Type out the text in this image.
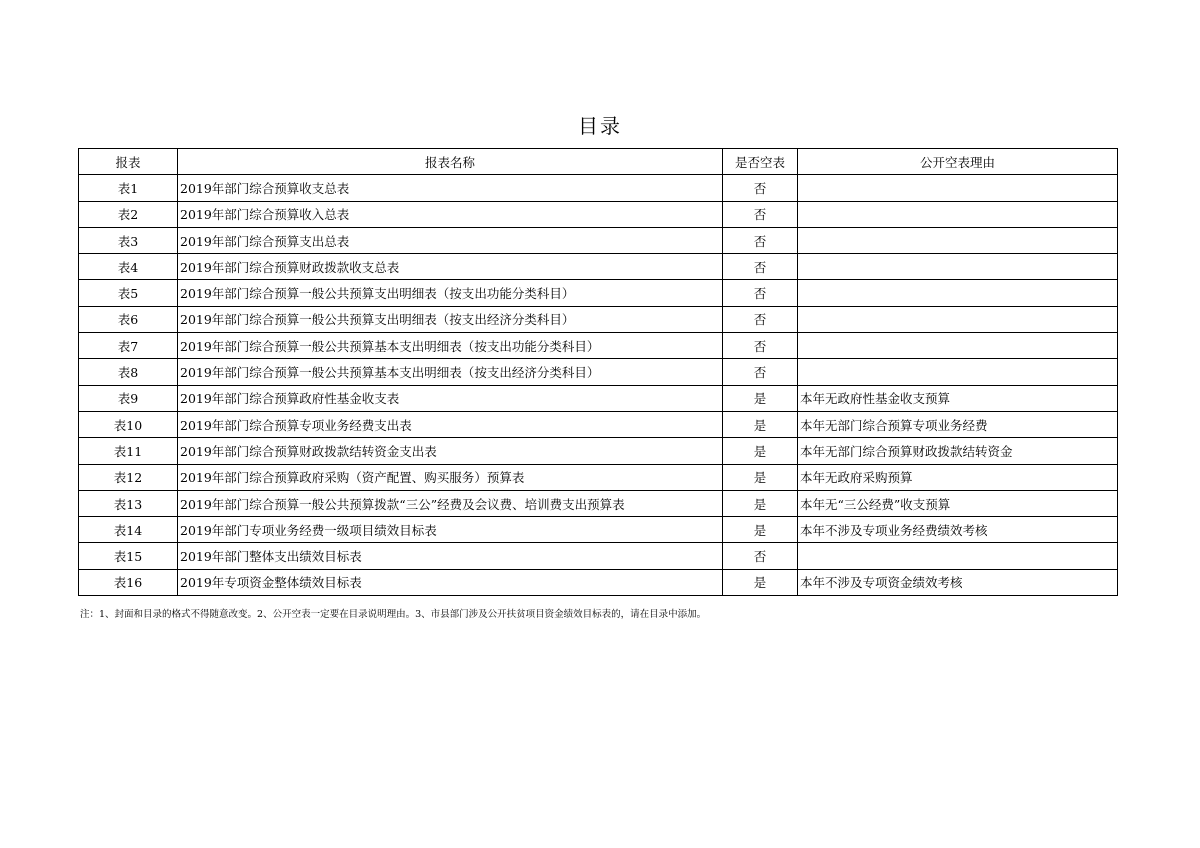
目录
报表	报表名称	是否空表	公开空表理由
表1	2019年部门综合预算收支总表	否	
表2	2019年部门综合预算收入总表	否	
表3	2019年部门综合预算支出总表	否	
表4	2019年部门综合预算财政拨款收支总表	否	
表5	2019年部门综合预算一般公共预算支出明细表（按支出功能分类科目）	否	
表6	2019年部门综合预算一般公共预算支出明细表（按支出经济分类科目）	否	
表7	2019年部门综合预算一般公共预算基本支出明细表（按支出功能分类科目）	否	
表8	2019年部门综合预算一般公共预算基本支出明细表（按支出经济分类科目）	否	
表9	2019年部门综合预算政府性基金收支表	是	本年无政府性基金收支预算
表10	2019年部门综合预算专项业务经费支出表	是	本年无部门综合预算专项业务经费
表11	2019年部门综合预算财政拨款结转资金支出表	是	本年无部门综合预算财政拨款结转资金
表12	2019年部门综合预算政府采购（资产配置、购买服务）预算表	是	本年无政府采购预算
表13	2019年部门综合预算一般公共预算拨款“三公”经费及会议费、培训费支出预算表	是	本年无“三公经费”收支预算
表14	2019年部门专项业务经费一级项目绩效目标表	是	本年不涉及专项业务经费绩效考核
表15	2019年部门整体支出绩效目标表	否	
表16	2019年专项资金整体绩效目标表	是	本年不涉及专项资金绩效考核
注：1、封面和目录的格式不得随意改变。2、公开空表一定要在目录说明理由。3、市县部门涉及公开扶贫项目资金绩效目标表的，请在目录中添加。
